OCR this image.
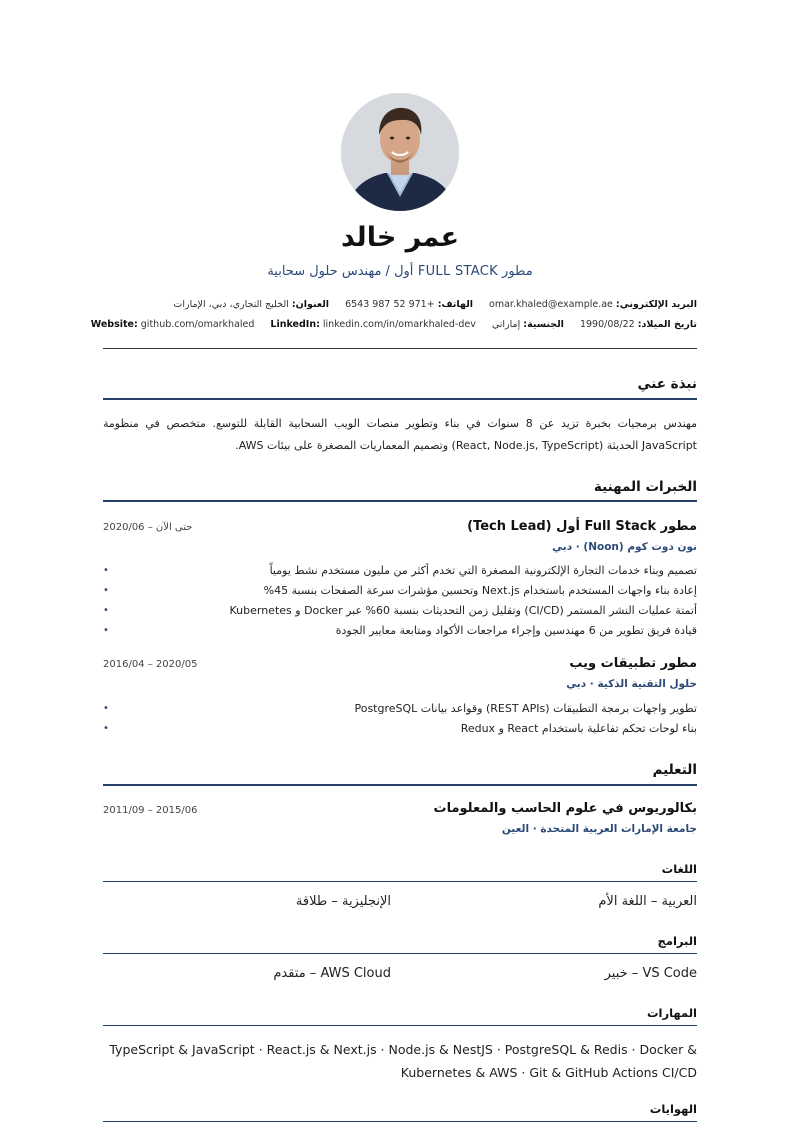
عمر خالد
مطور FULL STACK أول / مهندس حلول سحابية
البريد الإلكتروني:
omar.khaled@example.ae
الهاتف:
+971 52 987 6543
العنوان:
الخليج التجاري، دبي، الإمارات
تاريخ الميلاد:
1990/08/22
الجنسية:
إماراتي
LinkedIn: linkedin.com/in/omarkhaled-dev
Website: github.com/omarkhaled
نبذة عني
مهندس برمجيات بخبرة تزيد عن 8 سنوات في بناء وتطوير منصات الويب السحابية القابلة للتوسع. متخصص في منظومة JavaScript الحديثة (React, Node.js, TypeScript) وتصميم المعماريات المصغرة على بيئات AWS.
الخبرات المهنية
مطور Full Stack أول (Tech Lead)
2020/06 – حتى الآن
نون دوت كوم (Noon) · دبي
تصميم وبناء خدمات التجارة الإلكترونية المصغرة التي تخدم أكثر من مليون مستخدم نشط يومياً
•
إعادة بناء واجهات المستخدم باستخدام Next.js وتحسين مؤشرات سرعة الصفحات بنسبة 45%
•
أتمتة عمليات النشر المستمر (CI/CD) وتقليل زمن التحديثات بنسبة 60% عبر Docker و Kubernetes
•
قيادة فريق تطوير من 6 مهندسين وإجراء مراجعات الأكواد ومتابعة معايير الجودة
•
مطور تطبيقات ويب
2016/04 – 2020/05
حلول التقنية الذكية · دبي
تطوير واجهات برمجة التطبيقات (REST APIs) وقواعد بيانات PostgreSQL
•
بناء لوحات تحكم تفاعلية باستخدام React و Redux
•
التعليم
بكالوريوس في علوم الحاسب والمعلومات
2011/09 – 2015/06
جامعة الإمارات العربية المتحدة · العين
اللغات
العربية – اللغة الأم
الإنجليزية – طلاقة
البرامج
VS Code – خبير
AWS Cloud – متقدم
المهارات
TypeScript & JavaScript · React.js & Next.js · Node.js & NestJS · PostgreSQL & Redis · Docker & Kubernetes & AWS · Git & GitHub Actions CI/CD
الهوايات
